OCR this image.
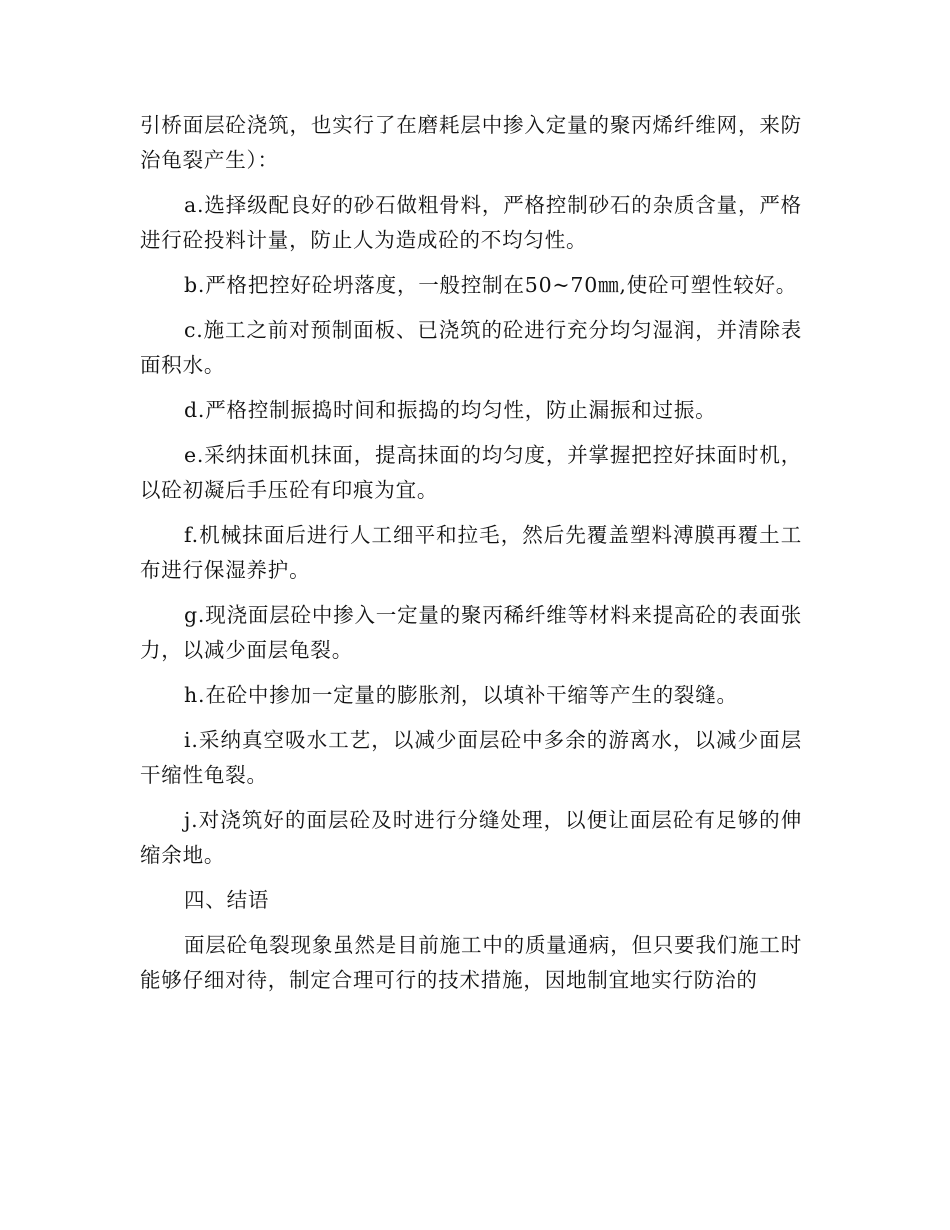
引桥面层砼浇筑，也实行了在磨耗层中掺入定量的聚丙烯纤维网，来防治龟裂产生）：

a.选择级配良好的砂石做粗骨料，严格控制砂石的杂质含量，严格进行砼投料计量，防止人为造成砼的不均匀性。

b.严格把控好砼坍落度，一般控制在50~70㎜,使砼可塑性较好。

c.施工之前对预制面板、已浇筑的砼进行充分均匀湿润，并清除表面积水。

d.严格控制振捣时间和振捣的均匀性，防止漏振和过振。

e.采纳抹面机抹面，提高抹面的均匀度，并掌握把控好抹面时机，以砼初凝后手压砼有印痕为宜。

f.机械抹面后进行人工细平和拉毛，然后先覆盖塑料溥膜再覆土工布进行保湿养护。

g.现浇面层砼中掺入一定量的聚丙稀纤维等材料来提高砼的表面张力，以减少面层龟裂。

h.在砼中掺加一定量的膨胀剂，以填补干缩等产生的裂缝。

i.采纳真空吸水工艺，以减少面层砼中多余的游离水，以减少面层干缩性龟裂。

j.对浇筑好的面层砼及时进行分缝处理，以便让面层砼有足够的伸缩余地。

四、结语

面层砼龟裂现象虽然是目前施工中的质量通病，但只要我们施工时能够仔细对待，制定合理可行的技术措施，因地制宜地实行防治的
